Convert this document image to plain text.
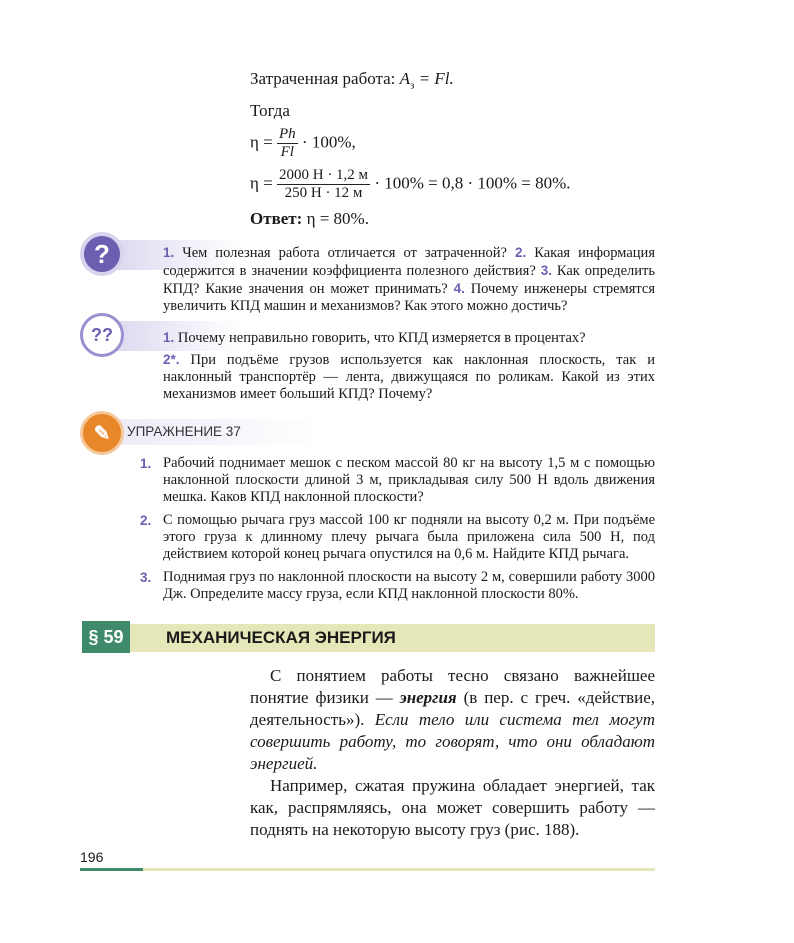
Затраченная работа: $A_з = Fl$.
Тогда
$\eta = \frac{Ph}{Fl} \cdot 100\%$,
$\eta = \frac{2000 Н \cdot 1,2 м}{250 Н \cdot 12 м} \cdot 100\% = 0,8 \cdot 100\% = 80\%$.
Ответ: η = 80%.
?	1. Чем полезная работа отличается от затраченной? 2. Какая информация содержится в значении коэффициента полезного действия? 3. Как определить КПД? Какие значения он может принимать? 4. Почему инженеры стремятся увеличить КПД машин и механизмов? Как этого можно достичь?
??	1. Почему неправильно говорить, что КПД измеряется в процентах?
2*. При подъёме грузов используется как наклонная плоскость, так и наклонный транспортёр — лента, движущаяся по роликам. Какой из этих механизмов имеет больший КПД? Почему?
✎	УПРАЖНЕНИЕ 37
1. Рабочий поднимает мешок с песком массой 80 кг на высоту 1,5 м с помощью наклонной плоскости длиной 3 м, прикладывая силу 500 Н вдоль движения мешка. Каков КПД наклонной плоскости?
2. С помощью рычага груз массой 100 кг подняли на высоту 0,2 м. При подъёме этого груза к длинному плечу рычага была приложена сила 500 Н, под действием которой конец рычага опустился на 0,6 м. Найдите КПД рычага.
3. Поднимая груз по наклонной плоскости на высоту 2 м, совершили работу 3000 Дж. Определите массу груза, если КПД наклонной плоскости 80%.
§ 59	МЕХАНИЧЕСКАЯ ЭНЕРГИЯ
С понятием работы тесно связано важнейшее понятие физики — энергия (в пер. с греч. «действие, деятельность»). Если тело или система тел могут совершить работу, то говорят, что они обладают энергией.
Например, сжатая пружина обладает энергией, так как, распрямляясь, она может совершить работу — поднять на некоторую высоту груз (рис. 188).
196
